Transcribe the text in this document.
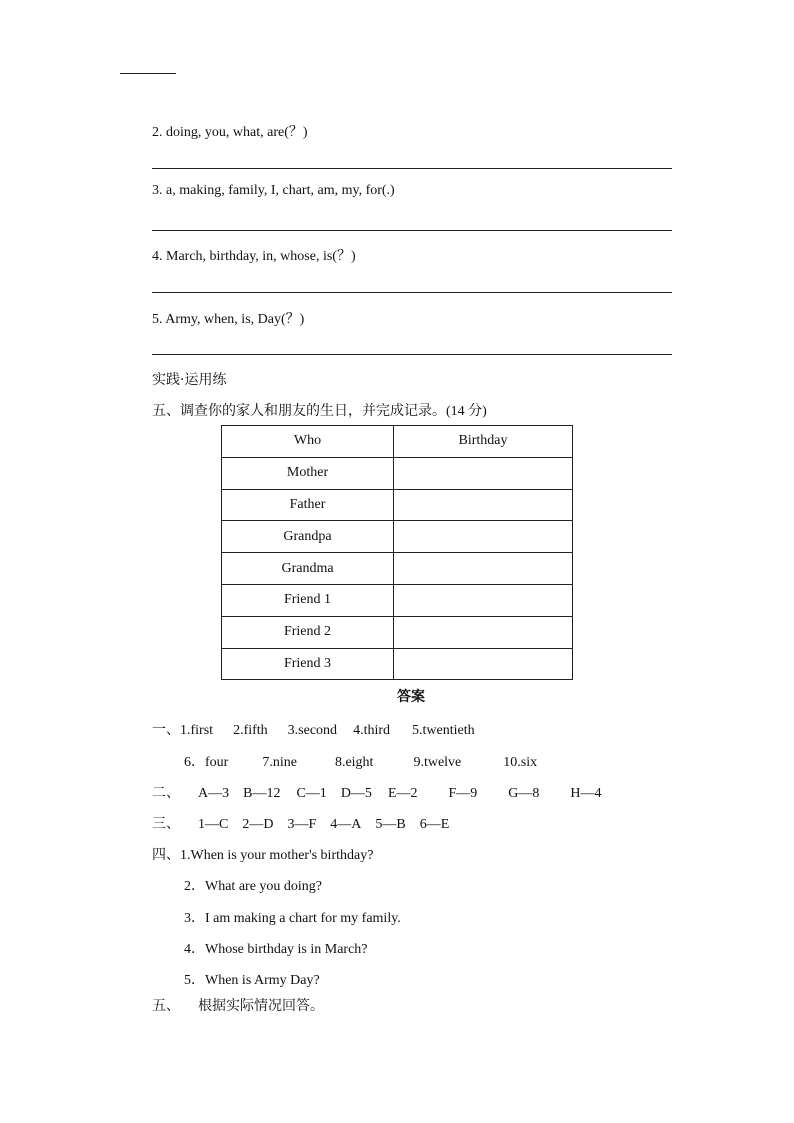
2. doing, you, what, are(？)
3. a, making, family, I, chart, am, my, for(.)
4. March, birthday, in, whose, is(？)
5. Army, when, is, Day(？)
实践·运用练
五、调查你的家人和朋友的生日，并完成记录。(14 分)
Who	Birthday
Mother	
Father	
Grandpa	
Grandma	
Friend 1	
Friend 2	
Friend 3	
答案
一、1.first 2.fifth 3.second 4.third 5.twentieth
6．four 7.nine	8.eight	9.twelve	10.six
二、 A—3 B—12 C—1 D—5 E—2 F—9 G—8 H—4
三、 1—C 2—D 3—F 4—A 5—B 6—E
四、1.When is your mother's birthday?
2．What are you doing?
3．I am making a chart for my family.
4．Whose birthday is in March?
5．When is Army Day?
五、 根据实际情况回答。
